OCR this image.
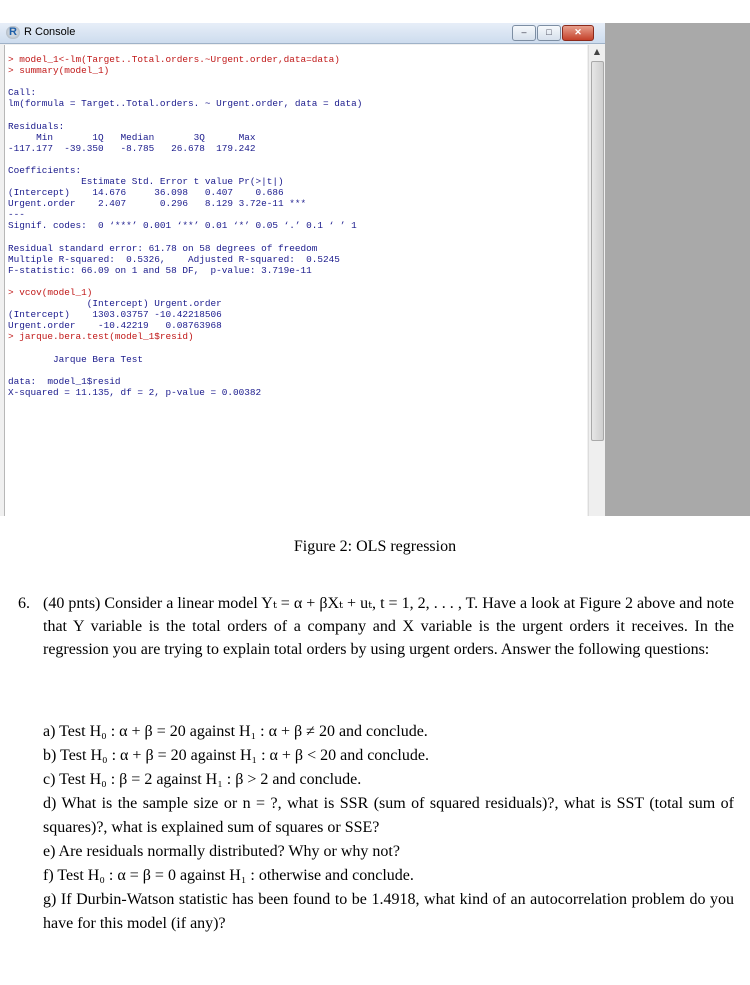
R R Console	–	□	✕
> model_1<-lm(Target..Total.orders.~Urgent.order,data=data)
> summary(model_1)
Call:
lm(formula = Target..Total.orders. ~ Urgent.order, data = data)
Residuals:
Min       1Q   Median       3Q      Max
-117.177  -39.350   -8.785   26.678  179.242
Coefficients:
Estimate Std. Error t value Pr(>|t|)
(Intercept)    14.676     36.098   0.407    0.686
Urgent.order    2.407      0.296   8.129 3.72e-11 ***
---
Signif. codes:  0 ‘***’ 0.001 ‘**’ 0.01 ‘*’ 0.05 ‘.’ 0.1 ‘ ’ 1
Residual standard error: 61.78 on 58 degrees of freedom
Multiple R-squared:  0.5326,    Adjusted R-squared:  0.5245
F-statistic: 66.09 on 1 and 58 DF,  p-value: 3.719e-11
> vcov(model_1)
(Intercept) Urgent.order
(Intercept)    1303.03757 -10.42218506
Urgent.order    -10.42219   0.08763968
> jarque.bera.test(model_1$resid)
Jarque Bera Test
data:  model_1$resid
X-squared = 11.135, df = 2, p-value = 0.00382
▲
Figure 2: OLS regression
6. (40 pnts) Consider a linear model Yₜ = α + βXₜ + uₜ, t = 1, 2, . . . , T. Have a look at Figure 2 above and note that Y variable is the total orders of a company and X variable is the urgent orders it receives. In the regression you are trying to explain total orders by using urgent orders. Answer the following questions:
a) Test H₀ : α + β = 20 against H₁ : α + β ≠ 20 and conclude.
b) Test H₀ : α + β = 20 against H₁ : α + β < 20 and conclude.
c) Test H₀ : β = 2 against H₁ : β > 2 and conclude.
d) What is the sample size or n = ?, what is SSR (sum of squared residuals)?, what is SST (total sum of squares)?, what is explained sum of squares or SSE?
e) Are residuals normally distributed? Why or why not?
f) Test H₀ : α = β = 0 against H₁ : otherwise and conclude.
g) If Durbin-Watson statistic has been found to be 1.4918, what kind of an autocorrelation problem do you have for this model (if any)?
